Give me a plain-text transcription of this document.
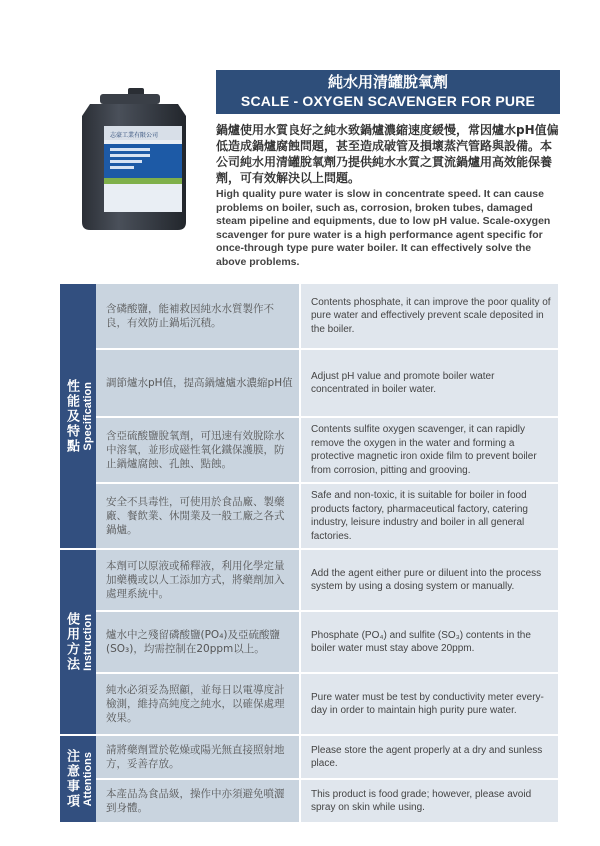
志豪工業有限公司
純水用清罐脫氧劑
SCALE - OXYGEN SCAVENGER FOR PURE WATER
鍋爐使用水質良好之純水致鍋爐濃縮速度緩慢，常因爐水pH值偏低造成鍋爐腐蝕問題，甚至造成破管及損壞蒸汽管路與設備。本公司純水用清罐脫氧劑乃提供純水水質之貫流鍋爐用高效能保養劑，可有效解決以上問題。
High quality pure water is slow in concentrate speed. It can cause problems on boiler, such as, corrosion, broken tubes, damaged steam pipeline and equipments, due to low pH value. Scale-oxygen scavenger for pure water is a high performance agent specific for once-through type pure water boiler. It can effectively solve the above problems.
性能及特點 Specification
含磷酸鹽，能補救因純水水質製作不良，有效防止鍋垢沉積。
Contents phosphate, it can improve the poor quality of pure water and effectively prevent scale deposited in the boiler.
調節爐水pH值，提高鍋爐爐水濃縮pH值
Adjust pH value and promote boiler water concentrated in boiler water.
含亞硫酸鹽脫氧劑，可迅速有效脫除水中溶氧，並形成磁性氧化鐵保護膜，防止鍋爐腐蝕、孔蝕、點蝕。
Contents sulfite oxygen scavenger, it can rapidly remove the oxygen in the water and forming a protective magnetic iron oxide film to prevent boiler from corrosion, pitting and grooving.
安全不具毒性，可使用於食品廠、製藥廠、餐飲業、休閒業及一般工廠之各式鍋爐。
Safe and non-toxic, it is suitable for boiler in food products factory, pharmaceutical factory, catering industry, leisure industry and boiler in all general factories.
使用方法 Instruction
本劑可以原液或稀釋液，利用化學定量加藥機或以人工添加方式，將藥劑加入處理系統中。
Add the agent either pure or diluent into the process system by using a dosing system or manually.
爐水中之殘留磷酸鹽(PO₄)及亞硫酸鹽(SO₃)，均需控制在20ppm以上。
Phosphate (PO₄) and sulfite (SO₃) contents in the boiler water must stay above 20ppm.
純水必須妥為照顧，並每日以電導度計檢測，維持高純度之純水，以確保處理效果。
Pure water must be test by conductivity meter every-day in order to maintain high purity pure water.
注意事項 Attentions
請將藥劑置於乾燥或陽光無直接照射地方，妥善存放。
Please store the agent properly at a dry and sunless place.
本產品為食品級，操作中亦須避免噴灑到身體。
This product is food grade; however, please avoid spray on skin while using.
